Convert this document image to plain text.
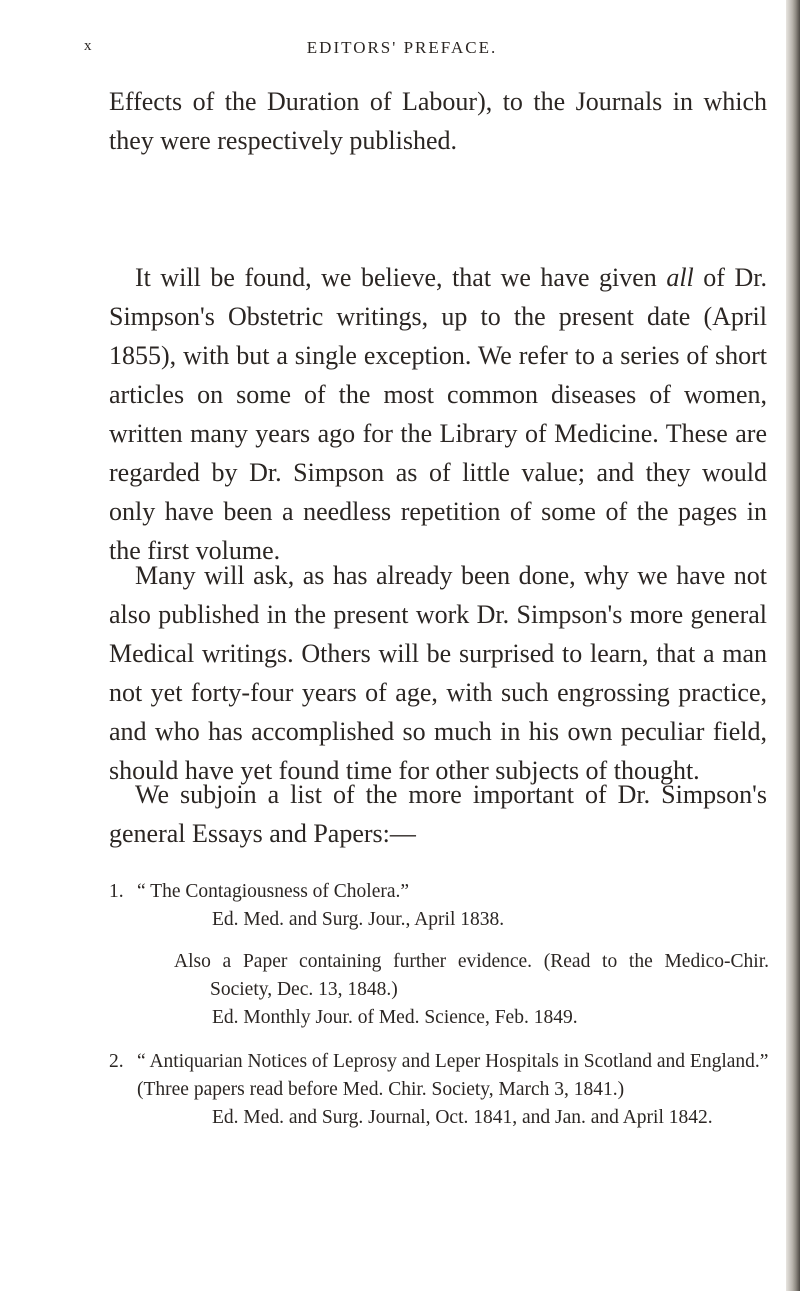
x	EDITORS' PREFACE.

Effects of the Duration of Labour), to the Journals in which they were respectively published.

 It will be found, we believe, that we have given all of Dr. Simpson's Obstetric writings, up to the present date (April 1855), with but a single exception. We refer to a series of short articles on some of the most common diseases of women, written many years ago for the Library of Medicine. These are regarded by Dr. Simpson as of little value; and they would only have been a needless repetition of some of the pages in the first volume.

 Many will ask, as has already been done, why we have not also published in the present work Dr. Simpson's more general Medical writings. Others will be surprised to learn, that a man not yet forty-four years of age, with such engrossing practice, and who has accomplished so much in his own peculiar field, should have yet found time for other subjects of thought.

 We subjoin a list of the more important of Dr. Simpson's general Essays and Papers:—

1. “ The Contagiousness of Cholera.”
Ed. Med. and Surg. Jour., April 1838.
Also a Paper containing further evidence. (Read to the Medico-Chir. Society, Dec. 13, 1848.)
Ed. Monthly Jour. of Med. Science, Feb. 1849.
2. “ Antiquarian Notices of Leprosy and Leper Hospitals in Scotland and England.” (Three papers read before Med. Chir. Society, March 3, 1841.)
Ed. Med. and Surg. Journal, Oct. 1841, and Jan. and April 1842.
